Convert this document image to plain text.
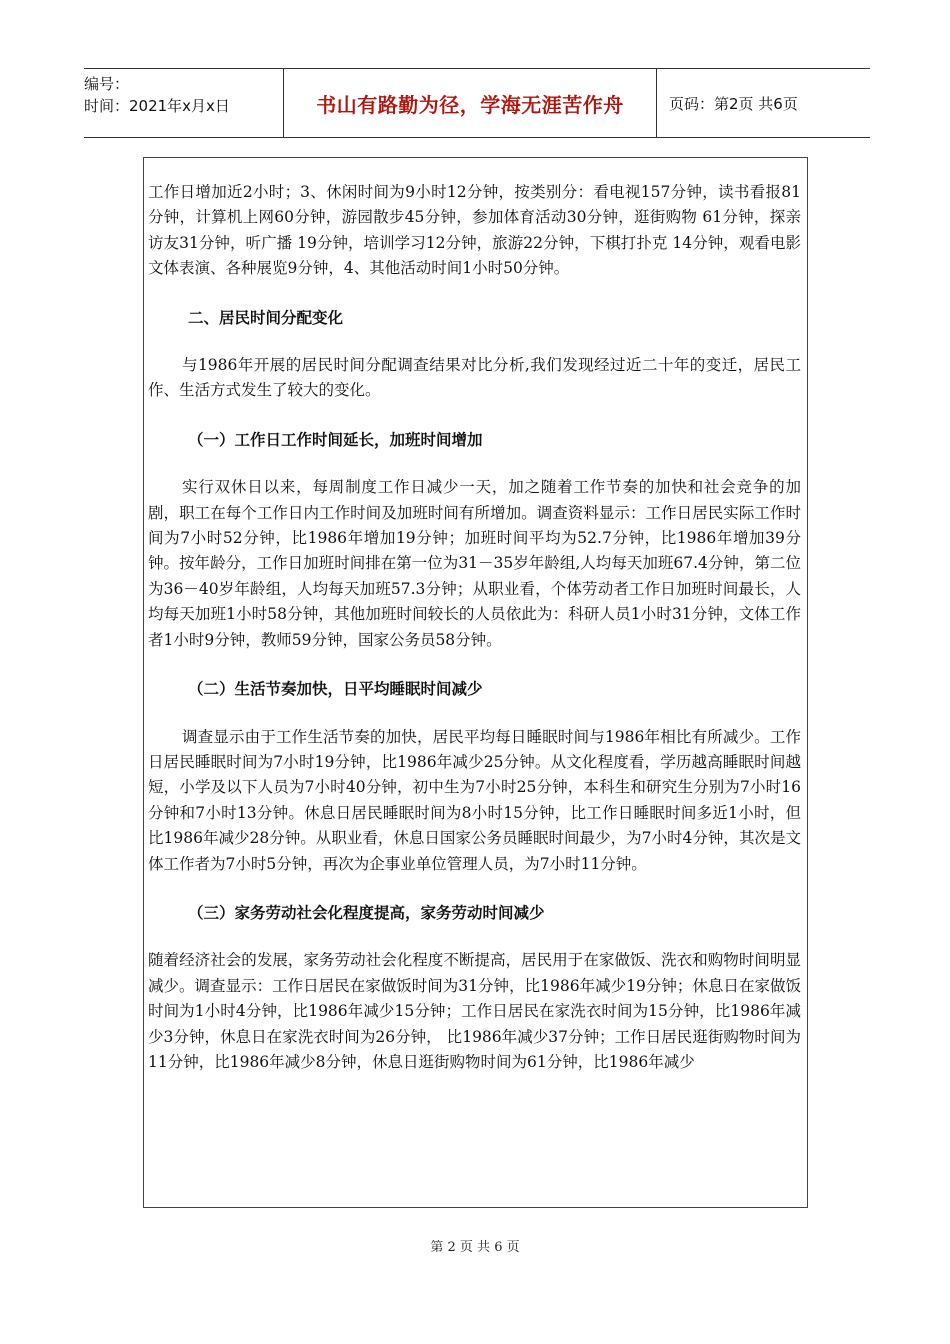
编号：
时间：2021年x月x日	书山有路勤为径，学海无涯苦作舟	页码：第2页 共6页

工作日增加近2小时；3、休闲时间为9小时12分钟，按类别分：看电视157分钟，读书看报81分钟，计算机上网60分钟，游园散步45分钟，参加体育活动30分钟，逛街购物 61分钟，探亲访友31分钟，听广播 19分钟，培训学习12分钟，旅游22分钟，下棋打扑克 14分钟，观看电影文体表演、各种展览9分钟，4、其他活动时间1小时50分钟。

二、居民时间分配变化

与1986年开展的居民时间分配调查结果对比分析,我们发现经过近二十年的变迁，居民工作、生活方式发生了较大的变化。

（一）工作日工作时间延长，加班时间增加

实行双休日以来，每周制度工作日减少一天，加之随着工作节奏的加快和社会竞争的加剧，职工在每个工作日内工作时间及加班时间有所增加。调查资料显示：工作日居民实际工作时间为7小时52分钟，比1986年增加19分钟；加班时间平均为52.7分钟，比1986年增加39分钟。按年龄分，工作日加班时间排在第一位为31－35岁年龄组,人均每天加班67.4分钟，第二位为36－40岁年龄组，人均每天加班57.3分钟；从职业看，个体劳动者工作日加班时间最长，人均每天加班1小时58分钟，其他加班时间较长的人员依此为：科研人员1小时31分钟，文体工作者1小时9分钟，教师59分钟，国家公务员58分钟。

（二）生活节奏加快，日平均睡眠时间减少

调查显示由于工作生活节奏的加快，居民平均每日睡眠时间与1986年相比有所减少。工作日居民睡眠时间为7小时19分钟，比1986年减少25分钟。从文化程度看，学历越高睡眠时间越短，小学及以下人员为7小时40分钟，初中生为7小时25分钟，本科生和研究生分别为7小时16分钟和7小时13分钟。休息日居民睡眠时间为8小时15分钟，比工作日睡眠时间多近1小时，但比1986年减少28分钟。从职业看，休息日国家公务员睡眠时间最少，为7小时4分钟，其次是文体工作者为7小时5分钟，再次为企事业单位管理人员，为7小时11分钟。

（三）家务劳动社会化程度提高，家务劳动时间减少

随着经济社会的发展，家务劳动社会化程度不断提高，居民用于在家做饭、洗衣和购物时间明显减少。调查显示：工作日居民在家做饭时间为31分钟，比1986年减少19分钟；休息日在家做饭时间为1小时4分钟，比1986年减少15分钟；工作日居民在家洗衣时间为15分钟，比1986年减少3分钟，休息日在家洗衣时间为26分钟， 比1986年减少37分钟；工作日居民逛街购物时间为11分钟，比1986年减少8分钟，休息日逛街购物时间为61分钟，比1986年减少

第 2 页 共 6 页
